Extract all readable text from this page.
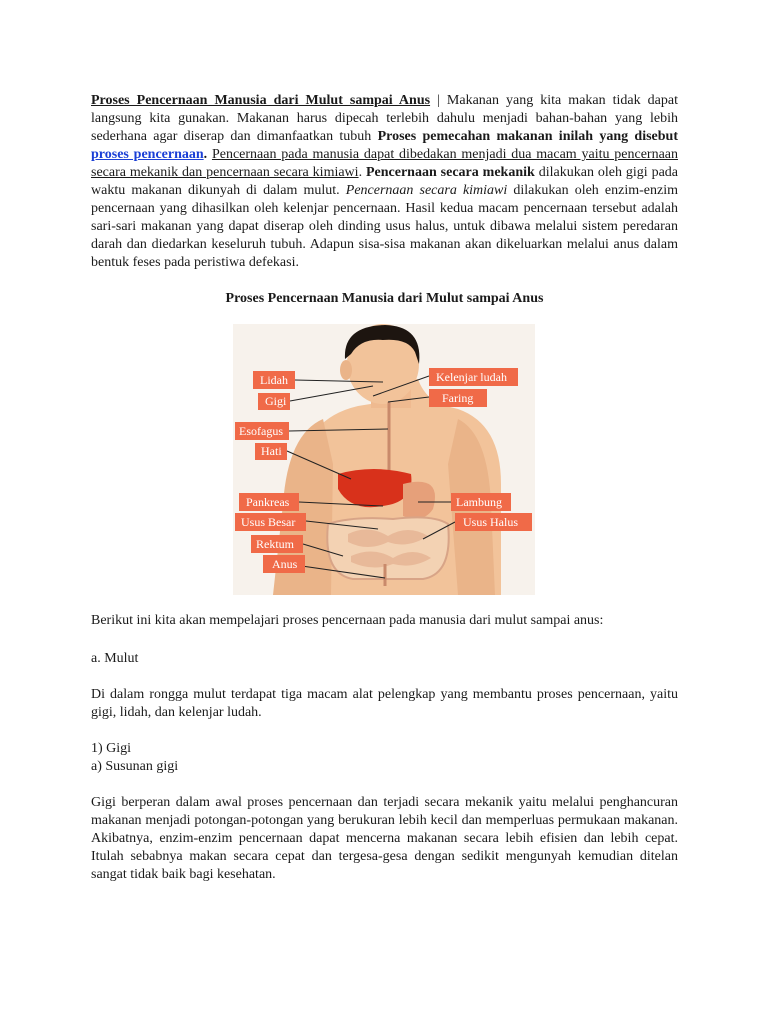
Proses Pencernaan Manusia dari Mulut sampai Anus | Makanan yang kita makan tidak dapat langsung kita gunakan. Makanan harus dipecah terlebih dahulu menjadi bahan-bahan yang lebih sederhana agar diserap dan dimanfaatkan tubuh Proses pemecahan makanan inilah yang disebut proses pencernaan. Pencernaan pada manusia dapat dibedakan menjadi dua macam yaitu pencernaan secara mekanik dan pencernaan secara kimiawi. Pencernaan secara mekanik dilakukan oleh gigi pada waktu makanan dikunyah di dalam mulut. Pencernaan secara kimiawi dilakukan oleh enzim-enzim pencernaan yang dihasilkan oleh kelenjar pencernaan. Hasil kedua macam pencernaan tersebut adalah sari-sari makanan yang dapat diserap oleh dinding usus halus, untuk dibawa melalui sistem peredaran darah dan diedarkan keseluruh tubuh. Adapun sisa-sisa makanan akan dikeluarkan melalui anus dalam bentuk feses pada peristiwa defekasi.

Proses Pencernaan Manusia dari Mulut sampai Anus

Lidah
Gigi
Kelenjar ludah
Faring
Esofagus
Hati
Pankreas
Usus Besar
Rektum
Anus
Lambung
Usus Halus

Berikut ini kita akan mempelajari proses pencernaan pada manusia dari mulut sampai anus:

a. Mulut

Di dalam rongga mulut terdapat tiga macam alat pelengkap yang membantu proses pencernaan, yaitu gigi, lidah, dan kelenjar ludah.

1) Gigi

a) Susunan gigi

Gigi berperan dalam awal proses pencernaan dan terjadi secara mekanik yaitu melalui penghancuran makanan menjadi potongan-potongan yang berukuran lebih kecil dan memperluas permukaan makanan. Akibatnya, enzim-enzim pencernaan dapat mencerna makanan secara lebih efisien dan lebih cepat. Itulah sebabnya makan secara cepat dan tergesa-gesa dengan sedikit mengunyah kemudian ditelan sangat tidak baik bagi kesehatan.
